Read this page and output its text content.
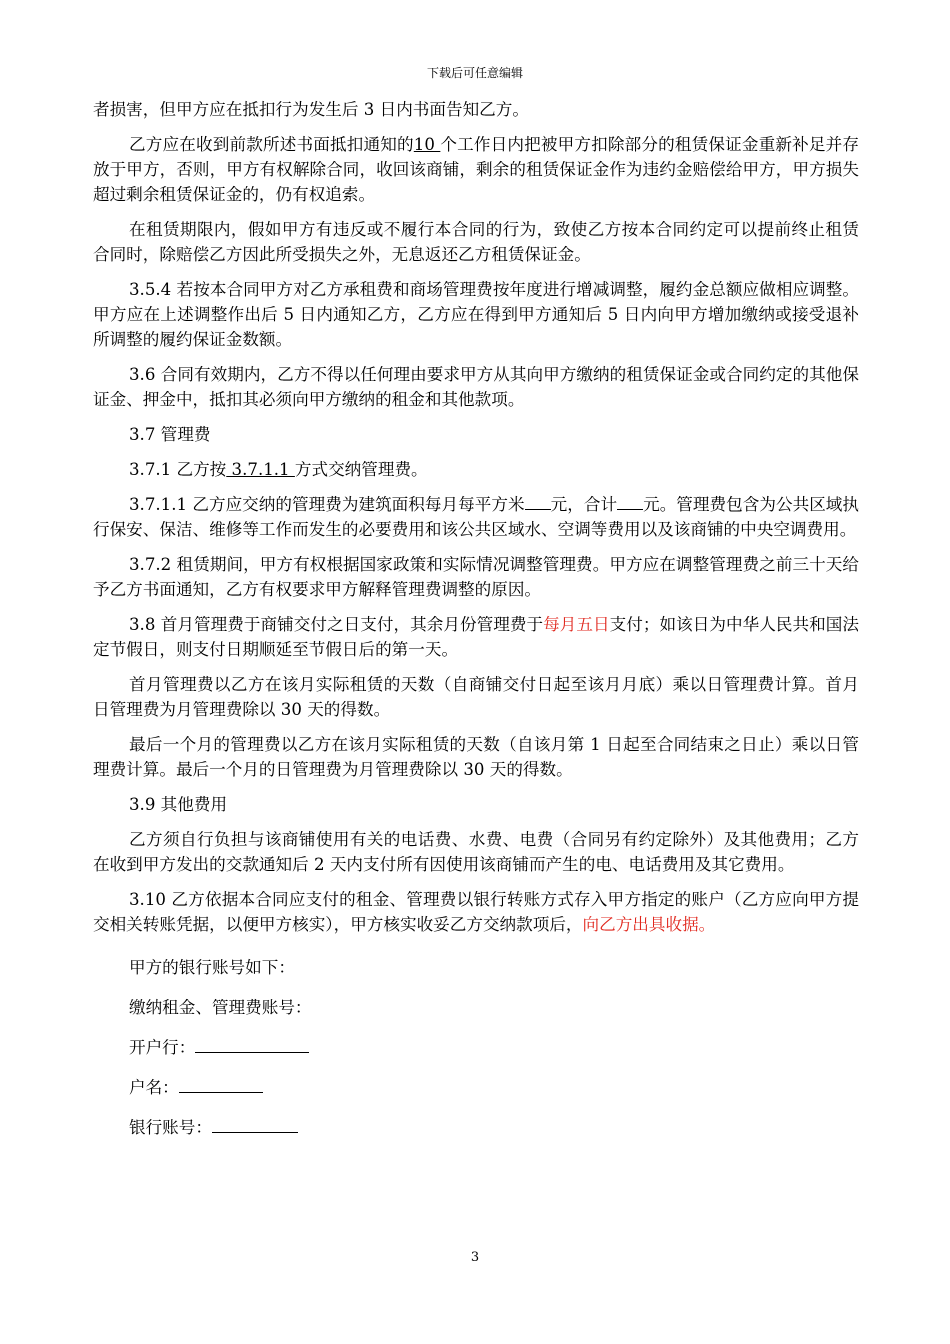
下载后可任意编辑

者损害，但甲方应在抵扣行为发生后 3 日内书面告知乙方。

乙方应在收到前款所述书面抵扣通知的10 个工作日内把被甲方扣除部分的租赁保证金重新补足并存放于甲方，否则，甲方有权解除合同，收回该商铺，剩余的租赁保证金作为违约金赔偿给甲方，甲方损失超过剩余租赁保证金的，仍有权追索。

在租赁期限内，假如甲方有违反或不履行本合同的行为，致使乙方按本合同约定可以提前终止租赁合同时，除赔偿乙方因此所受损失之外，无息返还乙方租赁保证金。

3.5.4 若按本合同甲方对乙方承租费和商场管理费按年度进行增减调整，履约金总额应做相应调整。甲方应在上述调整作出后 5 日内通知乙方，乙方应在得到甲方通知后 5 日内向甲方增加缴纳或接受退补所调整的履约保证金数额。

3.6 合同有效期内，乙方不得以任何理由要求甲方从其向甲方缴纳的租赁保证金或合同约定的其他保证金、押金中，抵扣其必须向甲方缴纳的租金和其他款项。

3.7 管理费

3.7.1 乙方按 3.7.1.1 方式交纳管理费。

3.7.1.1 乙方应交纳的管理费为建筑面积每月每平方米 元，合计 元。管理费包含为公共区域执行保安、保洁、维修等工作而发生的必要费用和该公共区域水、空调等费用以及该商铺的中央空调费用。

3.7.2 租赁期间，甲方有权根据国家政策和实际情况调整管理费。甲方应在调整管理费之前三十天给予乙方书面通知，乙方有权要求甲方解释管理费调整的原因。

3.8 首月管理费于商铺交付之日支付，其余月份管理费于每月五日支付；如该日为中华人民共和国法定节假日，则支付日期顺延至节假日后的第一天。

首月管理费以乙方在该月实际租赁的天数（自商铺交付日起至该月月底）乘以日管理费计算。首月日管理费为月管理费除以 30 天的得数。

最后一个月的管理费以乙方在该月实际租赁的天数（自该月第 1 日起至合同结束之日止）乘以日管理费计算。最后一个月的日管理费为月管理费除以 30 天的得数。

3.9 其他费用

乙方须自行负担与该商铺使用有关的电话费、水费、电费（合同另有约定除外）及其他费用；乙方在收到甲方发出的交款通知后 2 天内支付所有因使用该商铺而产生的电、电话费用及其它费用。

3.10 乙方依据本合同应支付的租金、管理费以银行转账方式存入甲方指定的账户（乙方应向甲方提交相关转账凭据，以便甲方核实），甲方核实收妥乙方交纳款项后，向乙方出具收据。

甲方的银行账号如下：

缴纳租金、管理费账号：

开户行：

户名：

银行账号：

3
